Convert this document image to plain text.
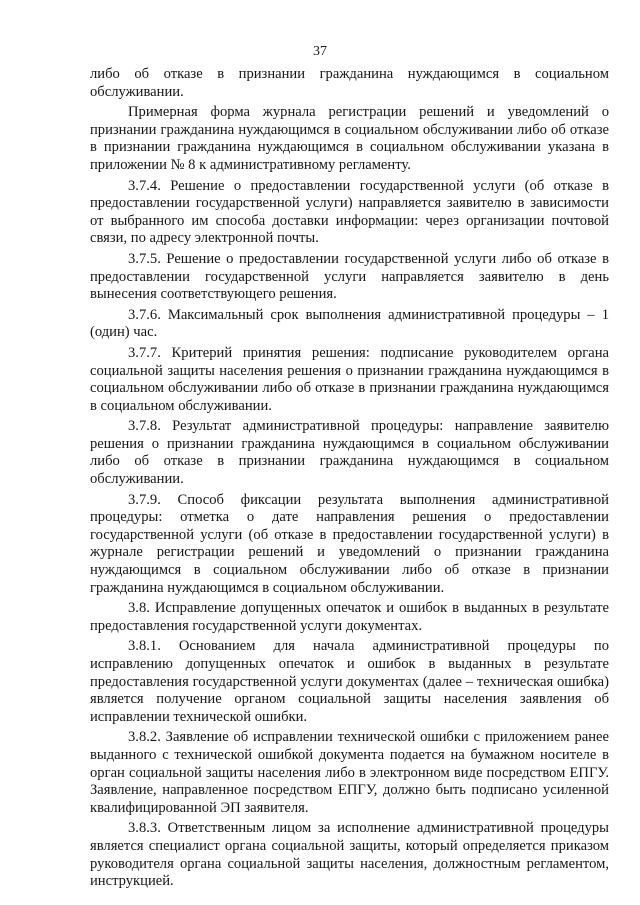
37

либо об отказе в признании гражданина нуждающимся в социальном обслуживании.

Примерная форма журнала регистрации решений и уведомлений о признании гражданина нуждающимся в социальном обслуживании либо об отказе в признании гражданина нуждающимся в социальном обслуживании указана в приложении № 8 к административному регламенту.

3.7.4. Решение о предоставлении государственной услуги (об отказе в предоставлении государственной услуги) направляется заявителю в зависимости от выбранного им способа доставки информации: через организации почтовой связи, по адресу электронной почты.

3.7.5. Решение о предоставлении государственной услуги либо об отказе в предоставлении государственной услуги направляется заявителю в день вынесения соответствующего решения.

3.7.6. Максимальный срок выполнения административной процедуры – 1 (один) час.

3.7.7. Критерий принятия решения: подписание руководителем органа социальной защиты населения решения о признании гражданина нуждающимся в социальном обслуживании либо об отказе в признании гражданина нуждающимся в социальном обслуживании.

3.7.8. Результат административной процедуры: направление заявителю решения о признании гражданина нуждающимся в социальном обслуживании либо об отказе в признании гражданина нуждающимся в социальном обслуживании.

3.7.9. Способ фиксации результата выполнения административной процедуры: отметка о дате направления решения о предоставлении государственной услуги (об отказе в предоставлении государственной услуги) в журнале регистрации решений и уведомлений о признании гражданина нуждающимся в социальном обслуживании либо об отказе в признании гражданина нуждающимся в социальном обслуживании.

3.8. Исправление допущенных опечаток и ошибок в выданных в результате предоставления государственной услуги документах.

3.8.1. Основанием для начала административной процедуры по исправлению допущенных опечаток и ошибок в выданных в результате предоставления государственной услуги документах (далее – техническая ошибка) является получение органом социальной защиты населения заявления об исправлении технической ошибки.

3.8.2. Заявление об исправлении технической ошибки с приложением ранее выданного с технической ошибкой документа подается на бумажном носителе в орган социальной защиты населения либо в электронном виде посредством ЕПГУ. Заявление, направленное посредством ЕПГУ, должно быть подписано усиленной квалифицированной ЭП заявителя.

3.8.3. Ответственным лицом за исполнение административной процедуры является специалист органа социальной защиты, который определяется приказом руководителя органа социальной защиты населения, должностным регламентом, инструкцией.
